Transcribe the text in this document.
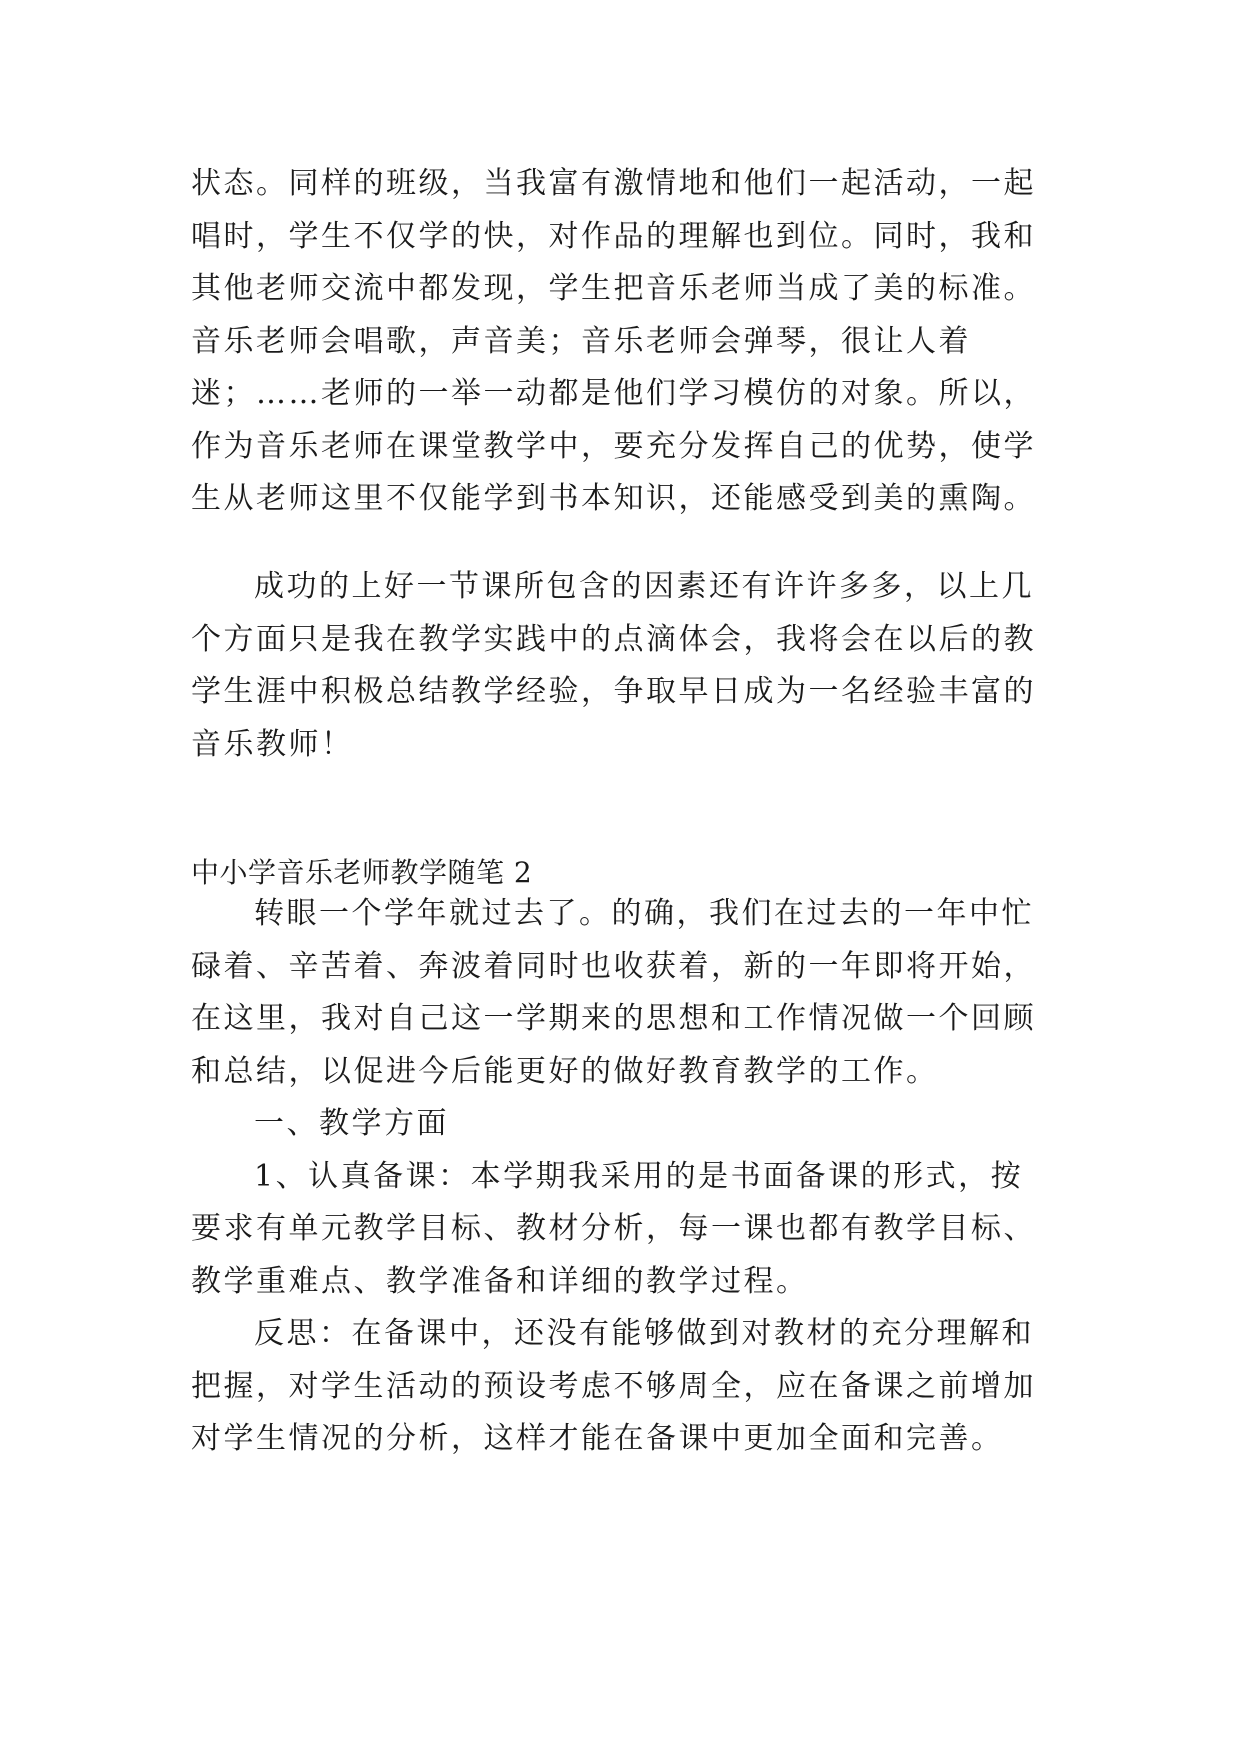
状态。同样的班级，当我富有激情地和他们一起活动，一起
唱时，学生不仅学的快，对作品的理解也到位。同时，我和
其他老师交流中都发现，学生把音乐老师当成了美的标准。
音乐老师会唱歌，声音美；音乐老师会弹琴，很让人着
迷；……老师的一举一动都是他们学习模仿的对象。所以，
作为音乐老师在课堂教学中，要充分发挥自己的优势，使学
生从老师这里不仅能学到书本知识，还能感受到美的熏陶。
成功的上好一节课所包含的因素还有许许多多，以上几
个方面只是我在教学实践中的点滴体会，我将会在以后的教
学生涯中积极总结教学经验，争取早日成为一名经验丰富的
音乐教师！
中小学音乐老师教学随笔 2
转眼一个学年就过去了。的确，我们在过去的一年中忙
碌着、辛苦着、奔波着同时也收获着，新的一年即将开始，
在这里，我对自己这一学期来的思想和工作情况做一个回顾
和总结，以促进今后能更好的做好教育教学的工作。
一、教学方面
1、认真备课：本学期我采用的是书面备课的形式，按
要求有单元教学目标、教材分析，每一课也都有教学目标、
教学重难点、教学准备和详细的教学过程。
反思：在备课中，还没有能够做到对教材的充分理解和
把握，对学生活动的预设考虑不够周全，应在备课之前增加
对学生情况的分析，这样才能在备课中更加全面和完善。
